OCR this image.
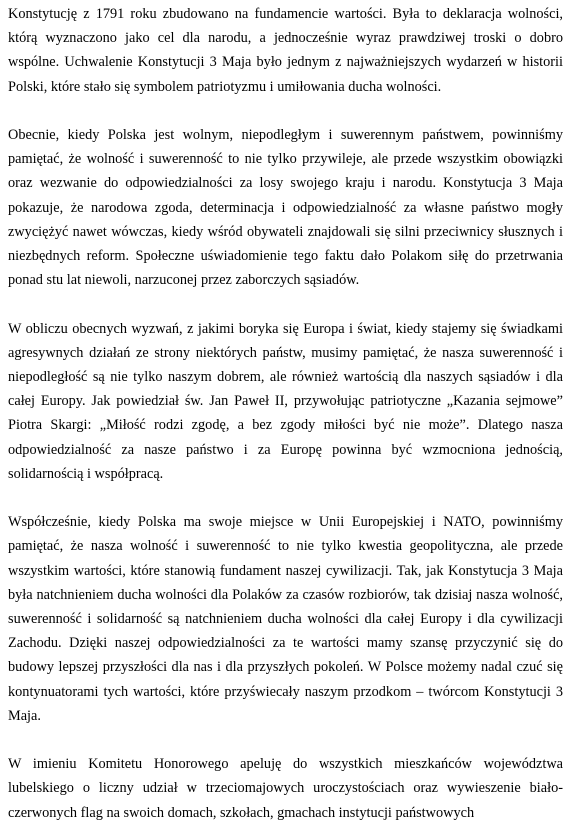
Konstytucję z 1791 roku zbudowano na fundamencie wartości. Była to deklaracja wolności, którą wyznaczono jako cel dla narodu, a jednocześnie wyraz prawdziwej troski o dobro wspólne. Uchwalenie Konstytucji 3 Maja było jednym z najważniejszych wydarzeń w historii Polski, które stało się symbolem patriotyzmu i umiłowania ducha wolności.

Obecnie, kiedy Polska jest wolnym, niepodległym i suwerennym państwem, powinniśmy pamiętać, że wolność i suwerenność to nie tylko przywileje, ale przede wszystkim obowiązki oraz wezwanie do odpowiedzialności za losy swojego kraju i narodu. Konstytucja 3 Maja pokazuje, że narodowa zgoda, determinacja i odpowiedzialność za własne państwo mogły zwyciężyć nawet wówczas, kiedy wśród obywateli znajdowali się silni przeciwnicy słusznych i niezbędnych reform. Społeczne uświadomienie tego faktu dało Polakom siłę do przetrwania ponad stu lat niewoli, narzuconej przez zaborczych sąsiadów.

W obliczu obecnych wyzwań, z jakimi boryka się Europa i świat, kiedy stajemy się świadkami agresywnych działań ze strony niektórych państw, musimy pamiętać, że nasza suwerenność i niepodległość są nie tylko naszym dobrem, ale również wartością dla naszych sąsiadów i dla całej Europy. Jak powiedział św. Jan Paweł II, przywołując patriotyczne „Kazania sejmowe” Piotra Skargi: „Miłość rodzi zgodę, a bez zgody miłości być nie może”. Dlatego nasza odpowiedzialność za nasze państwo i za Europę powinna być wzmocniona jednością, solidarnością i współpracą.

Współcześnie, kiedy Polska ma swoje miejsce w Unii Europejskiej i NATO, powinniśmy pamiętać, że nasza wolność i suwerenność to nie tylko kwestia geopolityczna, ale przede wszystkim wartości, które stanowią fundament naszej cywilizacji. Tak, jak Konstytucja 3 Maja była natchnieniem ducha wolności dla Polaków za czasów rozbiorów, tak dzisiaj nasza wolność, suwerenność i solidarność są natchnieniem ducha wolności dla całej Europy i dla cywilizacji Zachodu. Dzięki naszej odpowiedzialności za te wartości mamy szansę przyczynić się do budowy lepszej przyszłości dla nas i dla przyszłych pokoleń. W Polsce możemy nadal czuć się kontynuatorami tych wartości, które przyświecały naszym przodkom – twórcom Konstytucji 3 Maja.

W imieniu Komitetu Honorowego apeluję do wszystkich mieszkańców województwa lubelskiego o liczny udział w trzeciomajowych uroczystościach oraz wywieszenie biało-czerwonych flag na swoich domach, szkołach, gmachach instytucji państwowych
